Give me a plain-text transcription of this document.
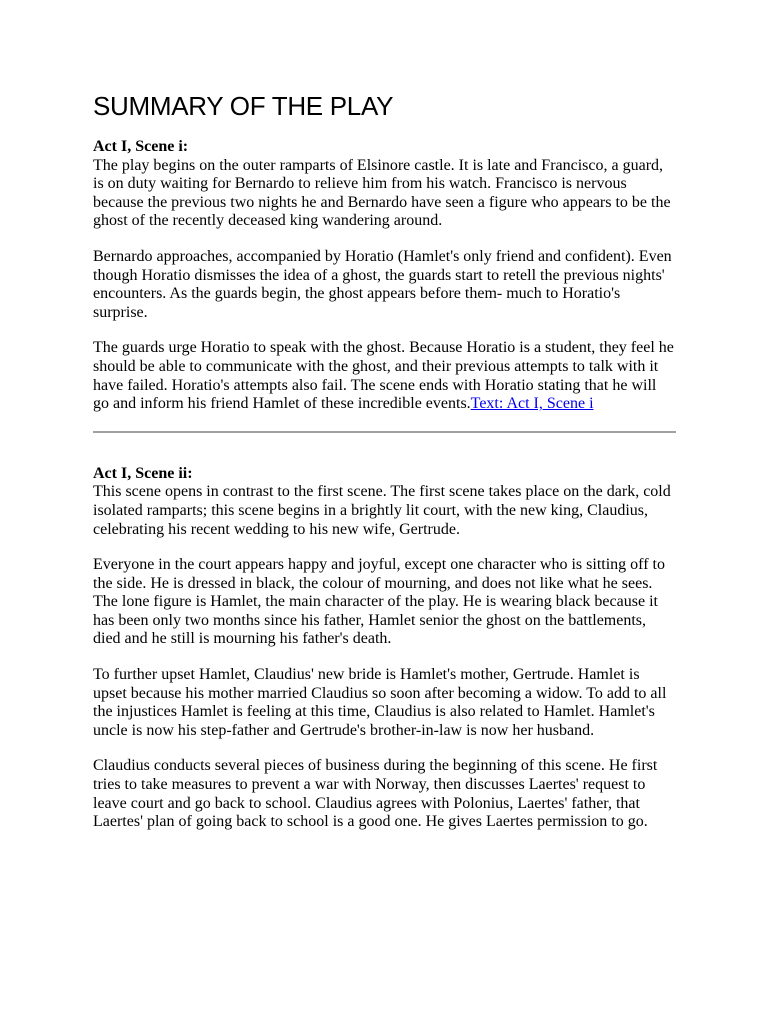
SUMMARY OF THE PLAY

Act I, Scene i:

The play begins on the outer ramparts of Elsinore castle. It is late and Francisco, a guard, is on duty waiting for Bernardo to relieve him from his watch. Francisco is nervous because the previous two nights he and Bernardo have seen a figure who appears to be the ghost of the recently deceased king wandering around.

Bernardo approaches, accompanied by Horatio (Hamlet's only friend and confident). Even though Horatio dismisses the idea of a ghost, the guards start to retell the previous nights' encounters. As the guards begin, the ghost appears before them- much to Horatio's surprise.

The guards urge Horatio to speak with the ghost. Because Horatio is a student, they feel he should be able to communicate with the ghost, and their previous attempts to talk with it have failed. Horatio's attempts also fail. The scene ends with Horatio stating that he will go and inform his friend Hamlet of these incredible events.Text: Act I, Scene i

Act I, Scene ii:

This scene opens in contrast to the first scene. The first scene takes place on the dark, cold isolated ramparts; this scene begins in a brightly lit court, with the new king, Claudius, celebrating his recent wedding to his new wife, Gertrude.

Everyone in the court appears happy and joyful, except one character who is sitting off to the side. He is dressed in black, the colour of mourning, and does not like what he sees. The lone figure is Hamlet, the main character of the play. He is wearing black because it has been only two months since his father, Hamlet senior the ghost on the battlements, died and he still is mourning his father's death.

To further upset Hamlet, Claudius' new bride is Hamlet's mother, Gertrude. Hamlet is upset because his mother married Claudius so soon after becoming a widow. To add to all the injustices Hamlet is feeling at this time, Claudius is also related to Hamlet. Hamlet's uncle is now his step-father and Gertrude's brother-in-law is now her husband.

Claudius conducts several pieces of business during the beginning of this scene. He first tries to take measures to prevent a war with Norway, then discusses Laertes' request to leave court and go back to school. Claudius agrees with Polonius, Laertes' father, that Laertes' plan of going back to school is a good one. He gives Laertes permission to go.
